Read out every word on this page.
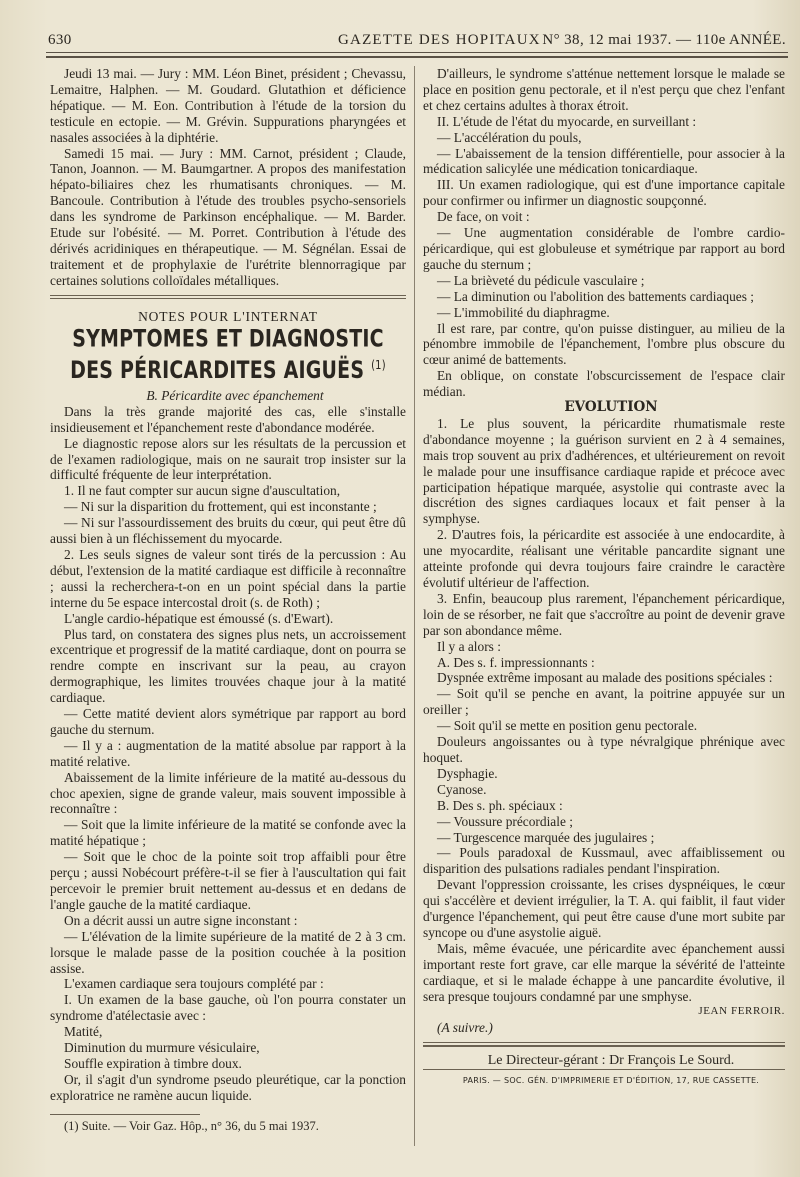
630	GAZETTE DES HOPITAUX N° 38, 12 mai 1937. — 110e ANNÉE.

Jeudi 13 mai. — Jury : MM. Léon Binet, président ; Chevassu, Lemaitre, Halphen. — M. Goudard. Glutathion et déficience hépatique. — M. Eon. Contribution à l'étude de la torsion du testicule en ectopie. — M. Grévin. Suppurations pharyngées et nasales associées à la diphtérie.

Samedi 15 mai. — Jury : MM. Carnot, président ; Claude, Tanon, Joannon. — M. Baumgartner. A propos des manifestation hépato-biliaires chez les rhumatisants chroniques. — M. Bancoule. Contribution à l'étude des troubles psycho-sensoriels dans les syndrome de Parkinson encéphalique. — M. Barder. Etude sur l'obésité. — M. Porret. Contribution à l'étude des dérivés acridiniques en thérapeutique. — M. Ségnélan. Essai de traitement et de prophylaxie de l'urétrite blennorragique par certaines solutions colloïdales métalliques.

NOTES POUR L'INTERNAT
SYMPTOMES ET DIAGNOSTIC DES PÉRICARDITES AIGUËS $^{(1)}$

B. Péricardite avec épanchement

Dans la très grande majorité des cas, elle s'installe insidieusement et l'épanchement reste d'abondance modérée.

Le diagnostic repose alors sur les résultats de la percussion et de l'examen radiologique, mais on ne saurait trop insister sur la difficulté fréquente de leur interprétation.

1. Il ne faut compter sur aucun signe d'auscultation,

— Ni sur la disparition du frottement, qui est inconstante ;

— Ni sur l'assourdissement des bruits du cœur, qui peut être dû aussi bien à un fléchissement du myocarde.

2. Les seuls signes de valeur sont tirés de la percussion : Au début, l'extension de la matité cardiaque est difficile à reconnaître ; aussi la recherchera-t-on en un point spécial dans la partie interne du 5e espace intercostal droit (s. de Roth) ;

L'angle cardio-hépatique est émoussé (s. d'Ewart).

Plus tard, on constatera des signes plus nets, un accroissement excentrique et progressif de la matité cardiaque, dont on pourra se rendre compte en inscrivant sur la peau, au crayon dermographique, les limites trouvées chaque jour à la matité cardiaque.

— Cette matité devient alors symétrique par rapport au bord gauche du sternum.

— Il y a : augmentation de la matité absolue par rapport à la matité relative.

Abaissement de la limite inférieure de la matité au-dessous du choc apexien, signe de grande valeur, mais souvent impossible à reconnaître :

— Soit que la limite inférieure de la matité se confonde avec la matité hépatique ;

— Soit que le choc de la pointe soit trop affaibli pour être perçu ; aussi Nobécourt préfère-t-il se fier à l'auscultation qui fait percevoir le premier bruit nettement au-dessus et en dedans de l'angle gauche de la matité cardiaque.

On a décrit aussi un autre signe inconstant :

— L'élévation de la limite supérieure de la matité de 2 à 3 cm. lorsque le malade passe de la position couchée à la position assise.

L'examen cardiaque sera toujours complété par :

I. Un examen de la base gauche, où l'on pourra constater un syndrome d'atélectasie avec :

Matité,

Diminution du murmure vésiculaire,

Souffle expiration à timbre doux.

Or, il s'agit d'un syndrome pseudo pleurétique, car la ponction exploratrice ne ramène aucun liquide.

(1) Suite. — Voir Gaz. Hôp., n° 36, du 5 mai 1937.

D'ailleurs, le syndrome s'atténue nettement lorsque le malade se place en position genu pectorale, et il n'est perçu que chez l'enfant et chez certains adultes à thorax étroit.

II. L'étude de l'état du myocarde, en surveillant :

— L'accélération du pouls,

— L'abaissement de la tension différentielle, pour associer à la médication salicylée une médication tonicardiaque.

III. Un examen radiologique, qui est d'une importance capitale pour confirmer ou infirmer un diagnostic soupçonné.

De face, on voit :

— Une augmentation considérable de l'ombre cardio-péricardique, qui est globuleuse et symétrique par rapport au bord gauche du sternum ;

— La brièveté du pédicule vasculaire ;

— La diminution ou l'abolition des battements cardiaques ;

— L'immobilité du diaphragme.

Il est rare, par contre, qu'on puisse distinguer, au milieu de la pénombre immobile de l'épanchement, l'ombre plus obscure du cœur animé de battements.

En oblique, on constate l'obscurcissement de l'espace clair médian.

EVOLUTION

1. Le plus souvent, la péricardite rhumatismale reste d'abondance moyenne ; la guérison survient en 2 à 4 semaines, mais trop souvent au prix d'adhérences, et ultérieurement on revoit le malade pour une insuffisance cardiaque rapide et précoce avec participation hépatique marquée, asystolie qui contraste avec la discrétion des signes cardiaques locaux et fait penser à la symphyse.

2. D'autres fois, la péricardite est associée à une endocardite, à une myocardite, réalisant une véritable pancardite signant une atteinte profonde qui devra toujours faire craindre le caractère évolutif ultérieur de l'affection.

3. Enfin, beaucoup plus rarement, l'épanchement péricardique, loin de se résorber, ne fait que s'accroître au point de devenir grave par son abondance même.

Il y a alors :

A. Des s. f. impressionnants :

Dyspnée extrême imposant au malade des positions spéciales :

— Soit qu'il se penche en avant, la poitrine appuyée sur un oreiller ;

— Soit qu'il se mette en position genu pectorale.

Douleurs angoissantes ou à type névralgique phrénique avec hoquet.

Dysphagie.

Cyanose.

B. Des s. ph. spéciaux :

— Voussure précordiale ;

— Turgescence marquée des jugulaires ;

— Pouls paradoxal de Kussmaul, avec affaiblissement ou disparition des pulsations radiales pendant l'inspiration.

Devant l'oppression croissante, les crises dyspnéiques, le cœur qui s'accélère et devient irrégulier, la T. A. qui faiblit, il faut vider d'urgence l'épanchement, qui peut être cause d'une mort subite par syncope ou d'une asystolie aiguë.

Mais, même évacuée, une péricardite avec épanchement aussi important reste fort grave, car elle marque la sévérité de l'atteinte cardiaque, et si le malade échappe à une pancardite évolutive, il sera presque toujours condamné par une smphyse.

JEAN FERROIR.

(A suivre.)

Le Directeur-gérant : Dr François Le Sourd.

PARIS. — SOC. GÉN. D'IMPRIMERIE ET D'ÉDITION, 17, RUE CASSETTE.
